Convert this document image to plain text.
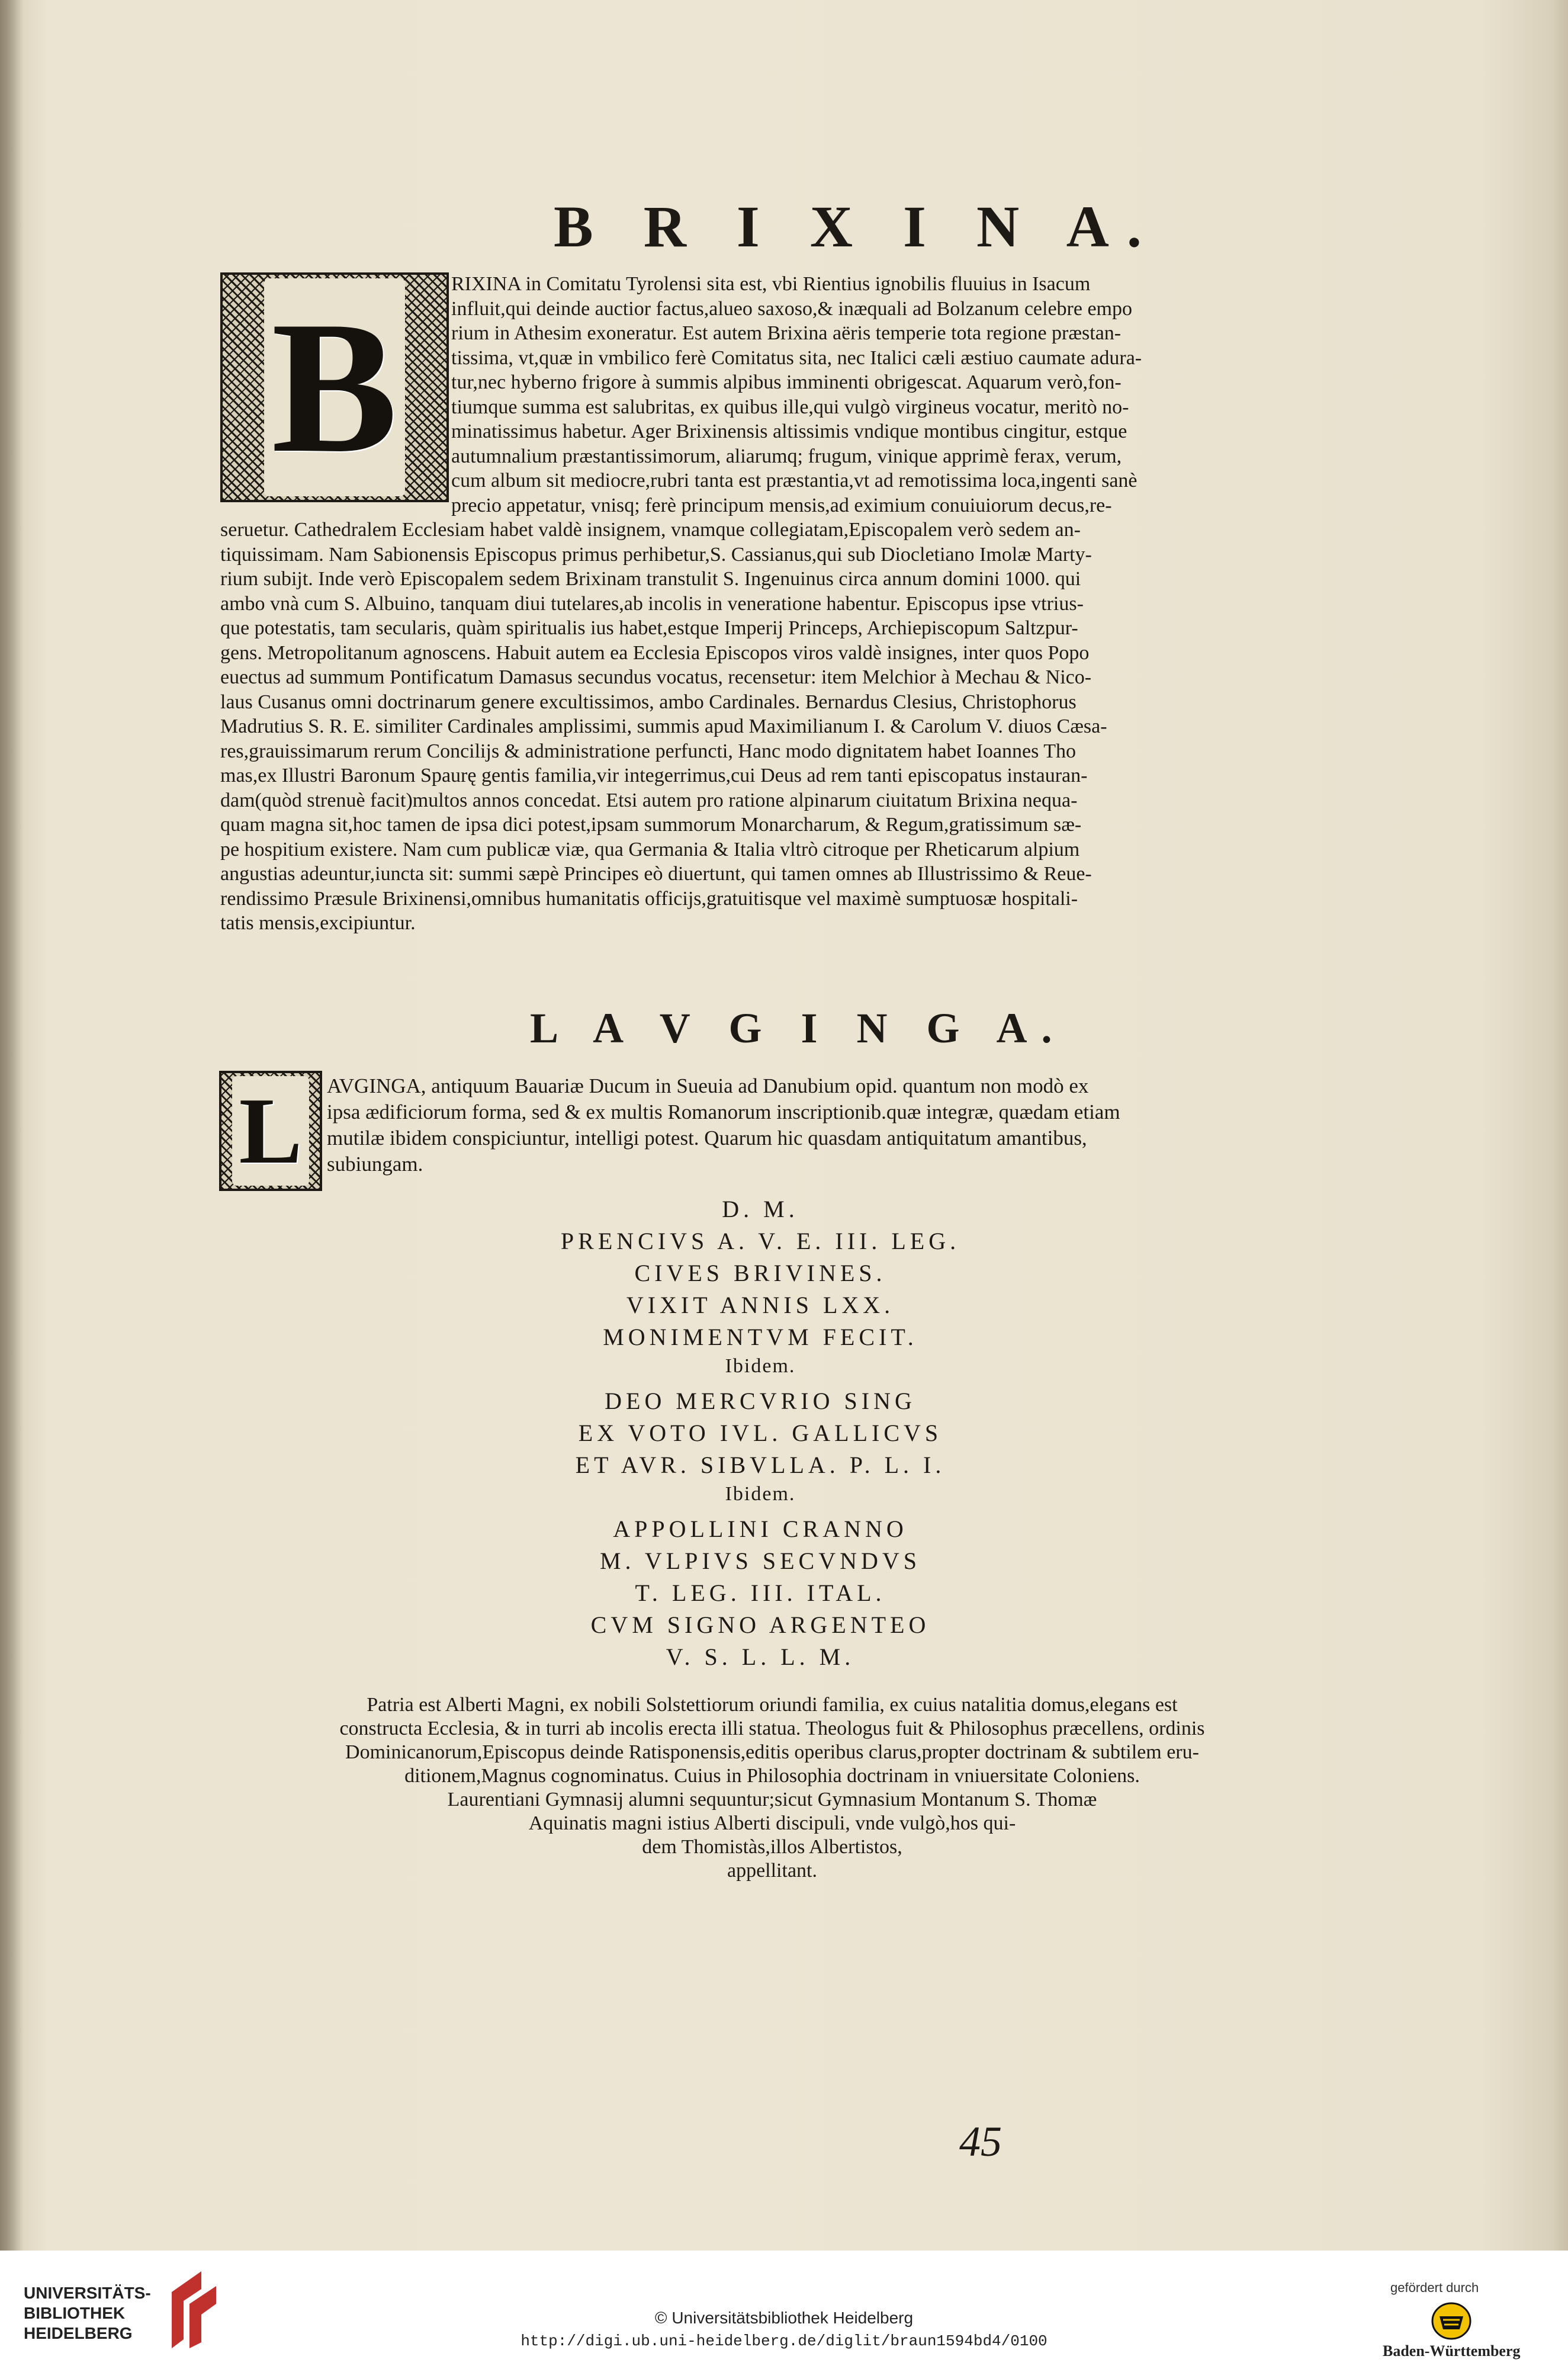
B R I X I N A.
B	RIXINA in Comitatu Tyrolensi sita est, vbi Rientius ignobilis fluuius in Isacum
influit,qui deinde auctior factus,alueo saxoso,& inæquali ad Bolzanum celebre empo
rium in Athesim exoneratur. Est autem Brixina aëris temperie tota regione præstan-
tissima, vt,quæ in vmbilico ferè Comitatus sita, nec Italici cæli æstiuo caumate adura-
tur,nec hyberno frigore à summis alpibus imminenti obrigescat. Aquarum verò,fon-
tiumque summa est salubritas, ex quibus ille,qui vulgò virgineus vocatur, meritò no-
minatissimus habetur. Ager Brixinensis altissimis vndique montibus cingitur, estque
autumnalium præstantissimorum, aliarumq; frugum, vinique apprimè ferax, verum,
cum album sit mediocre,rubri tanta est præstantia,vt ad remotissima loca,ingenti sanè
precio appetatur, vnisq; ferè principum mensis,ad eximium conuiuiorum decus,re-
seruetur. Cathedralem Ecclesiam habet valdè insignem, vnamque collegiatam,Episcopalem verò sedem an-
tiquissimam. Nam Sabionensis Episcopus primus perhibetur,S. Cassianus,qui sub Diocletiano Imolæ Marty-
rium subijt. Inde verò Episcopalem sedem Brixinam transtulit S. Ingenuinus circa annum domini 1000. qui
ambo vnà cum S. Albuino, tanquam diui tutelares,ab incolis in veneratione habentur. Episcopus ipse vtrius-
que potestatis, tam secularis, quàm spiritualis ius habet,estque Imperij Princeps, Archiepiscopum Saltzpur-
gens. Metropolitanum agnoscens. Habuit autem ea Ecclesia Episcopos viros valdè insignes, inter quos Popo
euectus ad summum Pontificatum Damasus secundus vocatus, recensetur: item Melchior à Mechau & Nico-
laus Cusanus omni doctrinarum genere excultissimos, ambo Cardinales. Bernardus Clesius, Christophorus
Madrutius S. R. E. similiter Cardinales amplissimi, summis apud Maximilianum I. & Carolum V. diuos Cæsa-
res,grauissimarum rerum Concilijs & administratione perfuncti, Hanc modo dignitatem habet Ioannes Tho
mas,ex Illustri Baronum Spaurę gentis familia,vir integerrimus,cui Deus ad rem tanti episcopatus instauran-
dam(quòd strenuè facit)multos annos concedat. Etsi autem pro ratione alpinarum ciuitatum Brixina nequa-
quam magna sit,hoc tamen de ipsa dici potest,ipsam summorum Monarcharum, & Regum,gratissimum sæ-
pe hospitium existere. Nam cum publicæ viæ, qua Germania & Italia vltrò citroque per Rheticarum alpium
angustias adeuntur,iuncta sit: summi sæpè Principes eò diuertunt, qui tamen omnes ab Illustrissimo & Reue-
rendissimo Præsule Brixinensi,omnibus humanitatis officijs,gratuitisque vel maximè sumptuosæ hospitali-
tatis mensis,excipiuntur.
L A V G I N G A.
L	AVGINGA, antiquum Bauariæ Ducum in Sueuia ad Danubium opid. quantum non modò ex
ipsa ædificiorum forma, sed & ex multis Romanorum inscriptionib.quæ integræ, quædam etiam
mutilæ ibidem conspiciuntur, intelligi potest. Quarum hic quasdam antiquitatum amantibus,
subiungam.
D. M.
PRENCIVS A. V. E. III. LEG.
CIVES BRIVINES.
VIXIT ANNIS LXX.
MONIMENTVM FECIT.
Ibidem.
DEO MERCVRIO SING
EX VOTO IVL. GALLICVS
ET AVR. SIBVLLA. P. L. I.
Ibidem.
APPOLLINI CRANNO
M. VLPIVS SECVNDVS
T. LEG. III. ITAL.
CVM SIGNO ARGENTEO
V. S. L. L. M.
Patria est Alberti Magni, ex nobili Solstettiorum oriundi familia, ex cuius natalitia domus,elegans est
constructa Ecclesia, & in turri ab incolis erecta illi statua. Theologus fuit & Philosophus præcellens, ordinis
Dominicanorum,Episcopus deinde Ratisponensis,editis operibus clarus,propter doctrinam & subtilem eru-
ditionem,Magnus cognominatus. Cuius in Philosophia doctrinam in vniuersitate Coloniens.
Laurentiani Gymnasij alumni sequuntur;sicut Gymnasium Montanum S. Thomæ
Aquinatis magni istius Alberti discipuli, vnde vulgò,hos qui-
dem Thomistàs,illos Albertistos,
appellitant.
45
UNIVERSITÄTS-
BIBLIOTHEK
HEIDELBERG
© Universitätsbibliothek Heidelberg
http://digi.ub.uni-heidelberg.de/diglit/braun1594bd4/0100
gefördert durch
Baden-Württemberg
